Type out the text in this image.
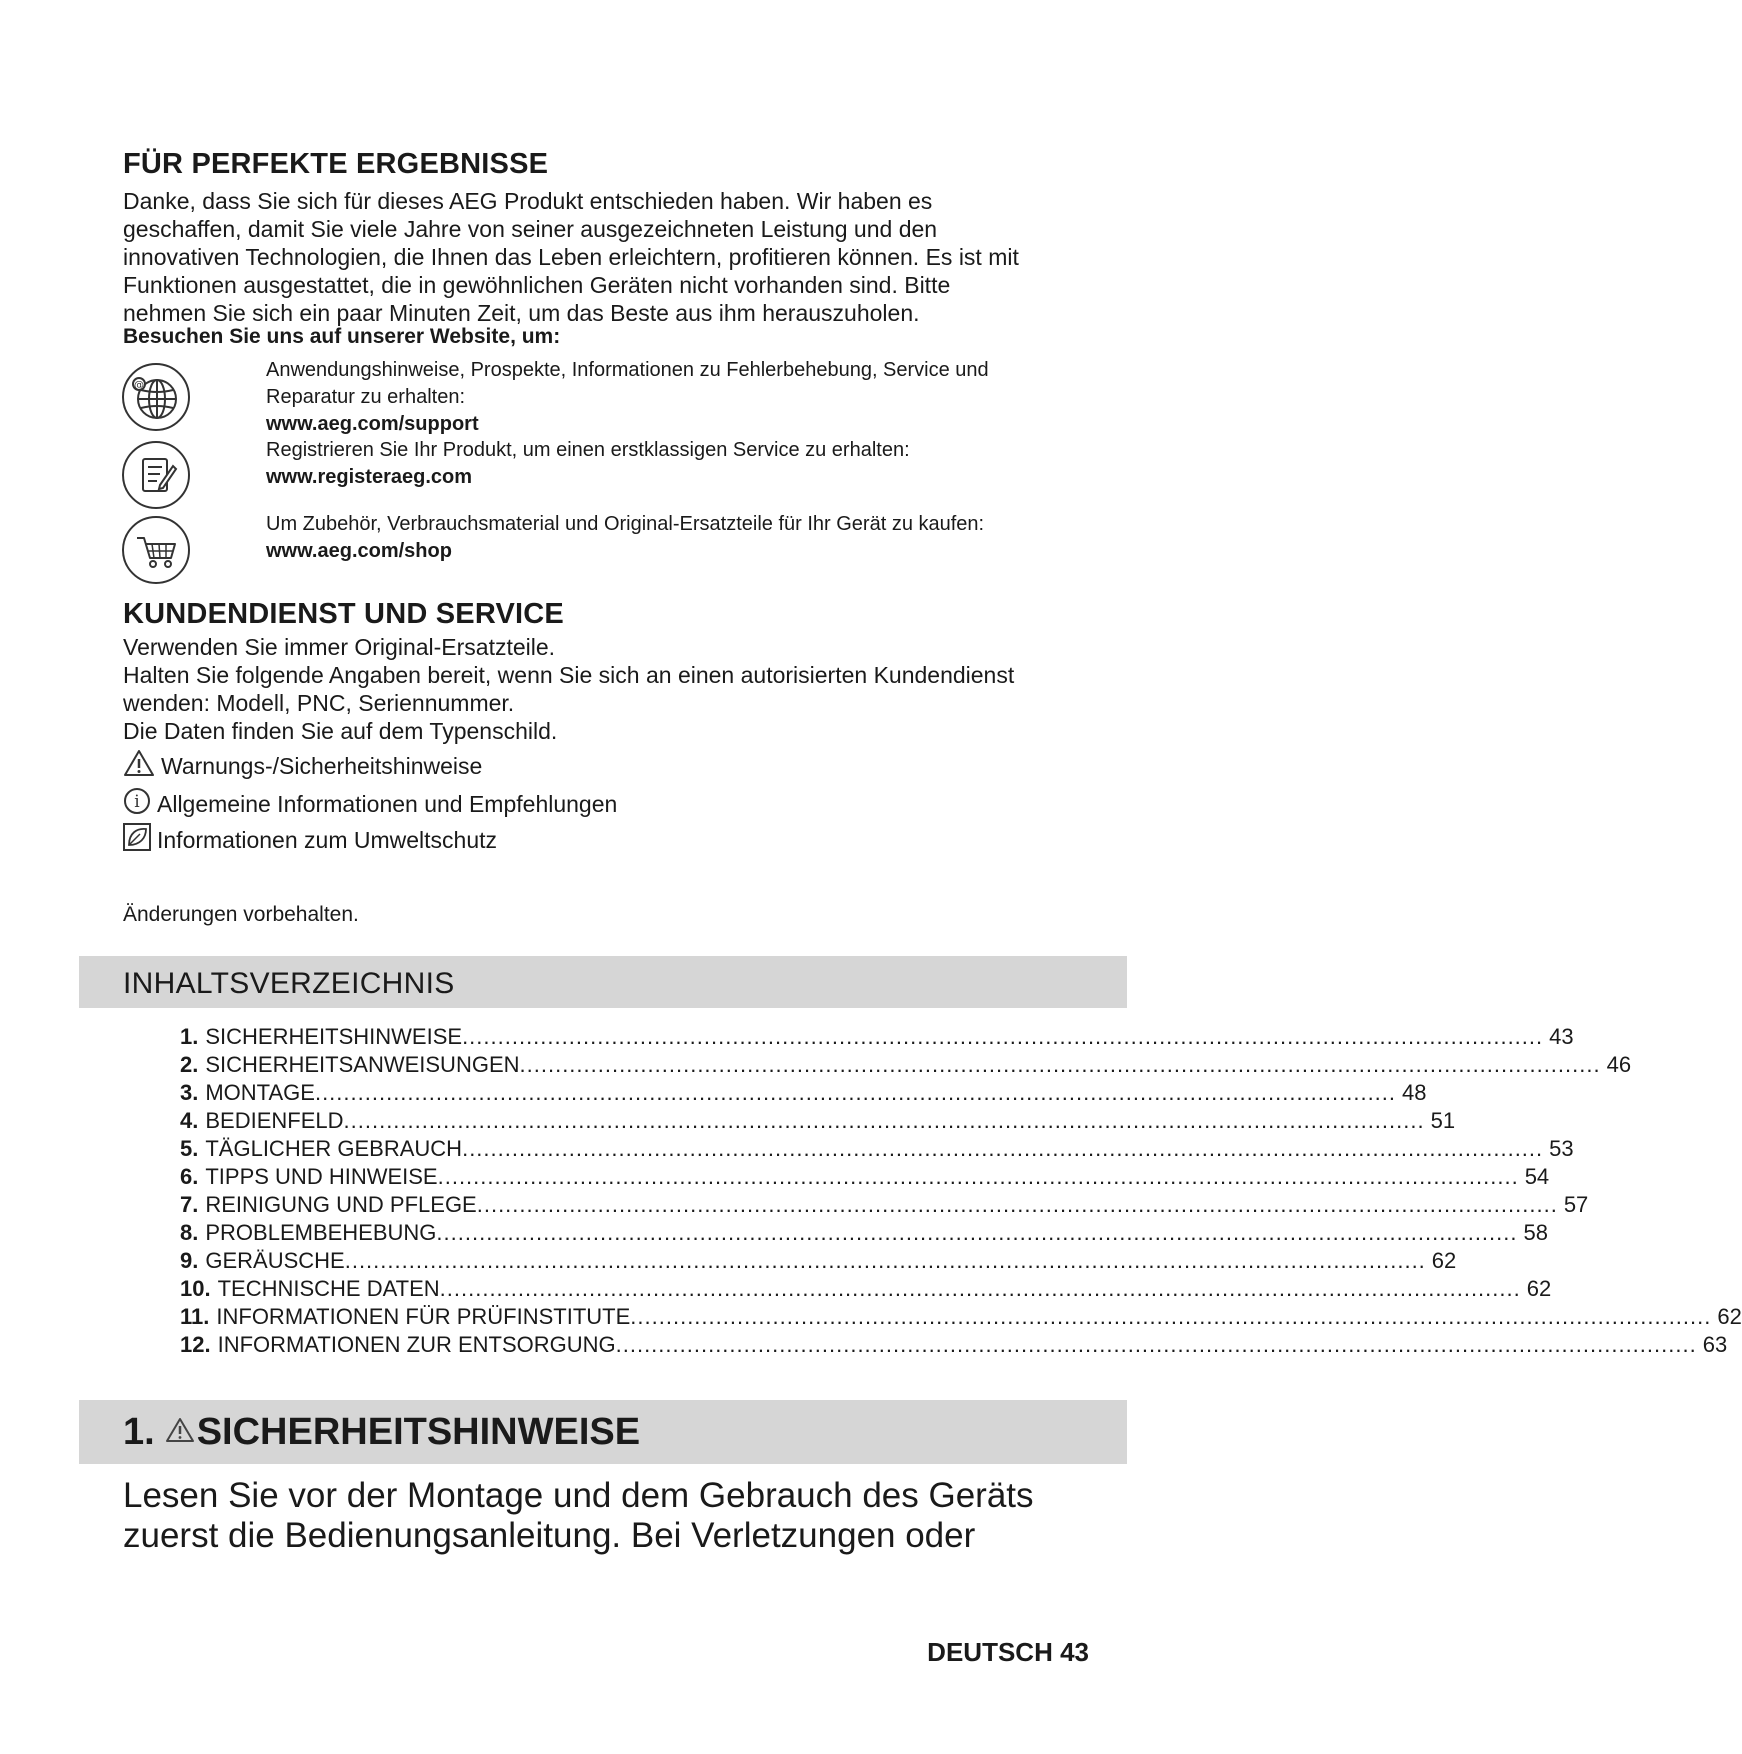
FÜR PERFEKTE ERGEBNISSE
Danke, dass Sie sich für dieses AEG Produkt entschieden haben. Wir haben es
geschaffen, damit Sie viele Jahre von seiner ausgezeichneten Leistung und den
innovativen Technologien, die Ihnen das Leben erleichtern, profitieren können. Es ist mit
Funktionen ausgestattet, die in gewöhnlichen Geräten nicht vorhanden sind. Bitte
nehmen Sie sich ein paar Minuten Zeit, um das Beste aus ihm herauszuholen.
Besuchen Sie uns auf unserer Website, um:
@
Anwendungshinweise, Prospekte, Informationen zu Fehlerbehebung, Service und
Reparatur zu erhalten:
www.aeg.com/support
Registrieren Sie Ihr Produkt, um einen erstklassigen Service zu erhalten:
www.registeraeg.com
Um Zubehör, Verbrauchsmaterial und Original-Ersatzteile für Ihr Gerät zu kaufen:
www.aeg.com/shop
KUNDENDIENST UND SERVICE
Verwenden Sie immer Original-Ersatzteile.
Halten Sie folgende Angaben bereit, wenn Sie sich an einen autorisierten Kundendienst
wenden: Modell, PNC, Seriennummer.
Die Daten finden Sie auf dem Typenschild.
Warnungs-/Sicherheitshinweise
i Allgemeine Informationen und Empfehlungen
Informationen zum Umweltschutz
Änderungen vorbehalten.
INHALTSVERZEICHNIS
1. SICHERHEITSHINWEISE ........................................................................................................................................................ 43
2. SICHERHEITSANWEISUNGEN ........................................................................................................................................................ 46
3. MONTAGE ........................................................................................................................................................ 48
4. BEDIENFELD ........................................................................................................................................................ 51
5. TÄGLICHER GEBRAUCH ........................................................................................................................................................ 53
6. TIPPS UND HINWEISE ........................................................................................................................................................ 54
7. REINIGUNG UND PFLEGE ........................................................................................................................................................ 57
8. PROBLEMBEHEBUNG ........................................................................................................................................................ 58
9. GERÄUSCHE ........................................................................................................................................................ 62
10. TECHNISCHE DATEN ........................................................................................................................................................ 62
11. INFORMATIONEN FÜR PRÜFINSTITUTE ........................................................................................................................................................ 62
12. INFORMATIONEN ZUR ENTSORGUNG ........................................................................................................................................................ 63
1. SICHERHEITSHINWEISE
Lesen Sie vor der Montage und dem Gebrauch des Geräts
zuerst die Bedienungsanleitung. Bei Verletzungen oder
DEUTSCH 43
